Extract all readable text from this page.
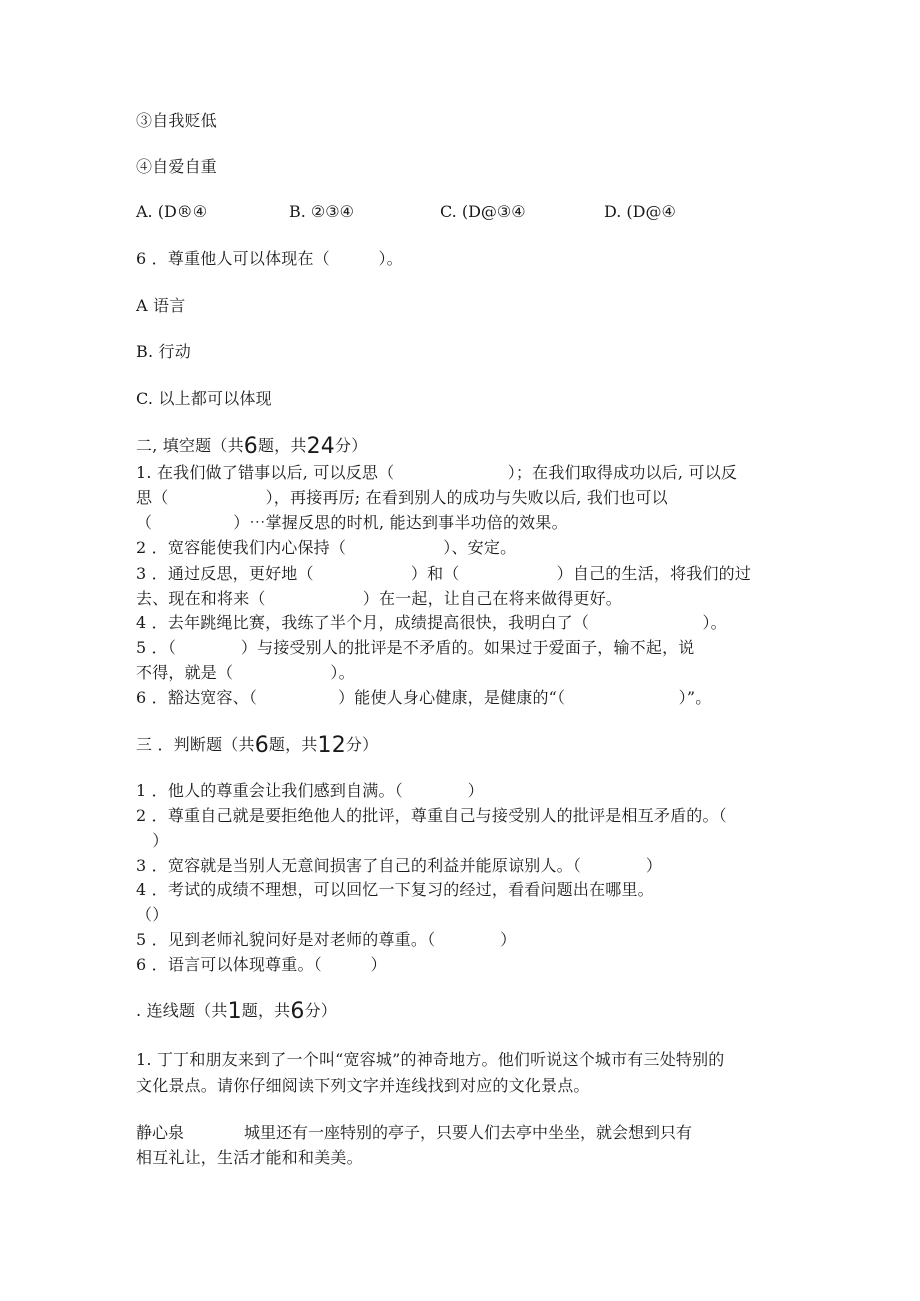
③自我贬低
④自爱自重
A. (D®④	B. ②③④	C. (D@③④	D. (D@④
6 ．尊重他人可以体现在（　　　）。
A 语言
B. 行动
C. 以上都可以体现
二, 填空题（共6题，共24分）
1. 在我们做了错事以后, 可以反思（　　　　　　　）；在我们取得成功以后, 可以反
思（　　　　　　），再接再厉; 在看到别人的成功与失败以后, 我们也可以
（　　　　　）⋯掌握反思的时机, 能达到事半功倍的效果。
2 ．宽容能使我们内心保持（　　　　　　）、安定。
3 ．通过反思，更好地（　　　　　　）和（　　　　　　）自己的生活，将我们的过
去、现在和将来（　　　　　　）在一起，让自己在将来做得更好。
4 ．去年跳绳比赛，我练了半个月，成绩提高很快，我明白了（　　　　　　　）。
5 ．（　　　　）与接受别人的批评是不矛盾的。如果过于爱面子，输不起，说
不得，就是（　　　　　　）。
6 ．豁达宽容、（　　　　　）能使人身心健康，是健康的“（　　　　　　　）”。
三 ．判断题（共6题，共12分）
1 ．他人的尊重会让我们感到自满。（　　　　）
2 ．尊重自己就是要拒绝他人的批评，尊重自己与接受别人的批评是相互矛盾的。（
　）
3 ．宽容就是当别人无意间损害了自己的利益并能原谅别人。（　　　　）
4 ．考试的成绩不理想，可以回忆一下复习的经过，看看问题出在哪里。
（）
5 ．见到老师礼貌问好是对老师的尊重。（　　　　）
6 ．语言可以体现尊重。（　　　）
. 连线题（共1题，共6分）
1. 丁丁和朋友来到了一个叫“宽容城”的神奇地方。他们听说这个城市有三处特别的
文化景点。请你仔细阅读下列文字并连线找到对应的文化景点。
静心泉	城里还有一座特别的亭子，只要人们去亭中坐坐，就会想到只有
相互礼让，生活才能和和美美。
